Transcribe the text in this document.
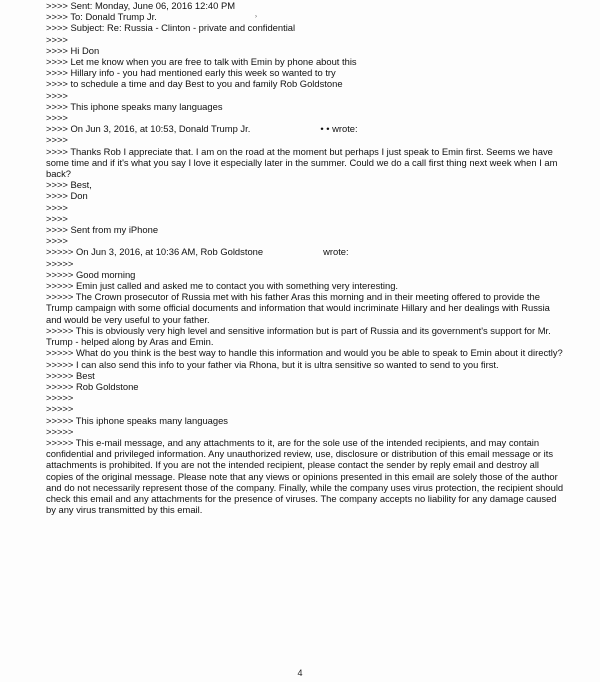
>>>> Sent: Monday, June 06, 2016 12:40 PM
>>>> To: Donald Trump Jr.
>>>> Subject: Re: Russia - Clinton - private and confidential
>>>>
>>>> Hi Don
>>>> Let me know when you are free to talk with Emin by phone about this
>>>> Hillary info - you had mentioned early this week so wanted to try
>>>> to schedule a time and day Best to you and family Rob Goldstone
>>>>
>>>> This iphone speaks many languages
>>>>
>>>> On Jun 3, 2016, at 10:53, Donald Trump Jr.	• • wrote:
>>>>
>>>> Thanks Rob I appreciate that. I am on the road at the moment but perhaps I just speak to Emin first. Seems we have some time and if it's what you say I love it especially later in the summer. Could we do a call first thing next week when I am back?
>>>> Best,
>>>> Don
>>>>
>>>>
>>>> Sent from my iPhone
>>>>
>>>>> On Jun 3, 2016, at 10:36 AM, Rob Goldstone	wrote:
>>>>>
>>>>> Good morning
>>>>> Emin just called and asked me to contact you with something very interesting.
>>>>> The Crown prosecutor of Russia met with his father Aras this morning and in their meeting offered to provide the Trump campaign with some official documents and information that would incriminate Hillary and her dealings with Russia and would be very useful to your father.
>>>>> This is obviously very high level and sensitive information but is part of Russia and its government's support for Mr. Trump - helped along by Aras and Emin.
>>>>> What do you think is the best way to handle this information and would you be able to speak to Emin about it directly?
>>>>> I can also send this info to your father via Rhona, but it is ultra sensitive so wanted to send to you first.
>>>>> Best
>>>>> Rob Goldstone
>>>>>
>>>>>
>>>>> This iphone speaks many languages
>>>>>
>>>>> This e-mail message, and any attachments to it, are for the sole use of the intended recipients, and may contain confidential and privileged information. Any unauthorized review, use, disclosure or distribution of this email message or its attachments is prohibited. If you are not the intended recipient, please contact the sender by reply email and destroy all copies of the original message. Please note that any views or opinions presented in this email are solely those of the author and do not necessarily represent those of the company. Finally, while the company uses virus protection, the recipient should check this email and any attachments for the presence of viruses. The company accepts no liability for any damage caused by any virus transmitted by this email.
›
4
